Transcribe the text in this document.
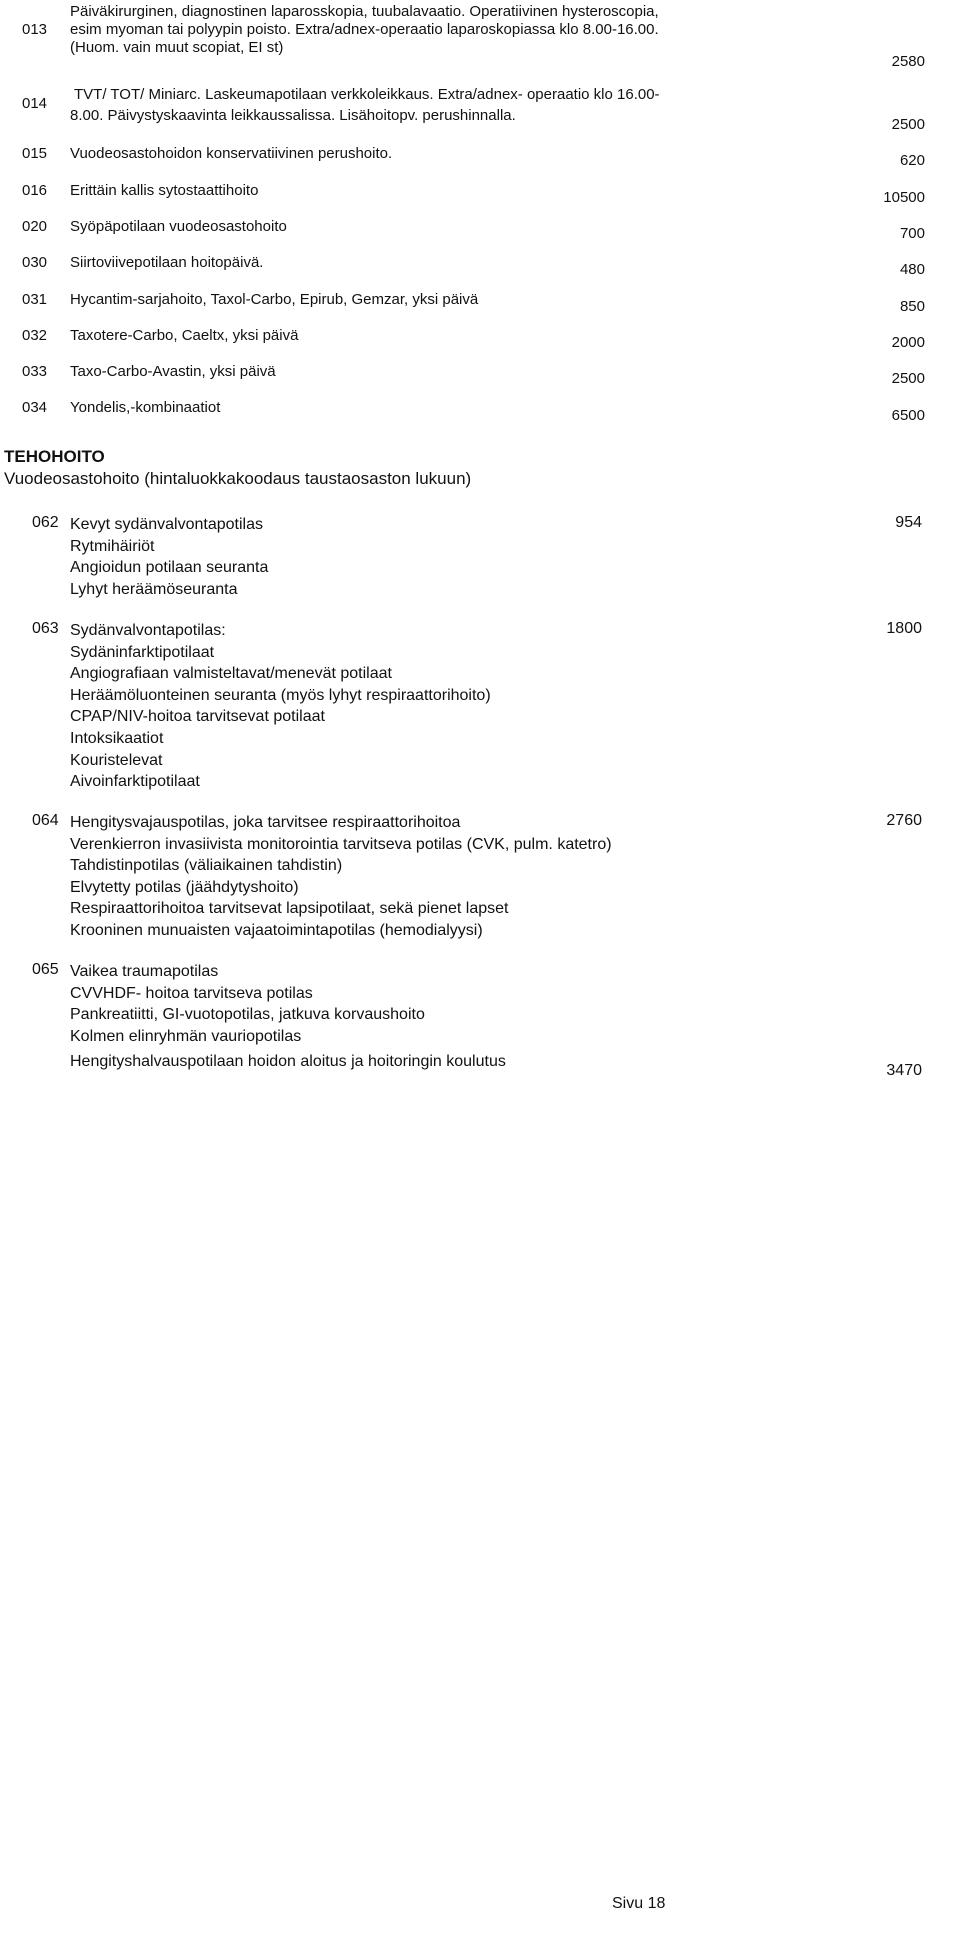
013
Päiväkirurginen, diagnostinen laparosskopia, tuubalavaatio. Operatiivinen hysteroscopia,
esim myoman tai polyypin poisto. Extra/adnex-operaatio laparoskopiassa klo 8.00-16.00.
(Huom. vain muut scopiat, EI st)
2580
014
TVT/ TOT/ Miniarc. Laskeumapotilaan verkkoleikkaus. Extra/adnex- operaatio klo 16.00-
8.00. Päivystyskaavinta leikkaussalissa. Lisähoitopv. perushinnalla.
2500
015 Vuodeosastohoidon konservatiivinen perushoito.	620
016 Erittäin kallis sytostaattihoito	10500
020 Syöpäpotilaan vuodeosastohoito	700
030 Siirtoviivepotilaan hoitopäivä.	480
031 Hycantim-sarjahoito, Taxol-Carbo, Epirub, Gemzar, yksi päivä	850
032 Taxotere-Carbo, Caeltx, yksi päivä	2000
033 Taxo-Carbo-Avastin, yksi päivä	2500
034 Yondelis,-kombinaatiot	6500
TEHOHOITO
Vuodeosastohoito (hintaluokkakoodaus taustaosaston lukuun)
062 Kevyt sydänvalvontapotilas
Rytmihäiriöt
Angioidun potilaan seuranta
Lyhyt heräämöseuranta
954
063 Sydänvalvontapotilas:
Sydäninfarktipotilaat
Angiografiaan valmisteltavat/menevät potilaat
Heräämöluonteinen seuranta (myös lyhyt respiraattorihoito)
CPAP/NIV-hoitoa tarvitsevat potilaat
Intoksikaatiot
Kouristelevat
Aivoinfarktipotilaat
1800
064 Hengitysvajauspotilas, joka tarvitsee respiraattorihoitoa
Verenkierron invasiivista monitorointia tarvitseva potilas (CVK, pulm. katetro)
Tahdistinpotilas (väliaikainen tahdistin)
Elvytetty potilas (jäähdytyshoito)
Respiraattorihoitoa tarvitsevat lapsipotilaat, sekä pienet lapset
Krooninen munuaisten vajaatoimintapotilas (hemodialyysi)
2760
065 Vaikea traumapotilas
CVVHDF- hoitoa tarvitseva potilas
Pankreatiitti, GI-vuotopotilas, jatkuva korvaushoito
Kolmen elinryhmän vauriopotilas
Hengityshalvauspotilaan hoidon aloitus ja hoitoringin koulutus
3470
Sivu 18
